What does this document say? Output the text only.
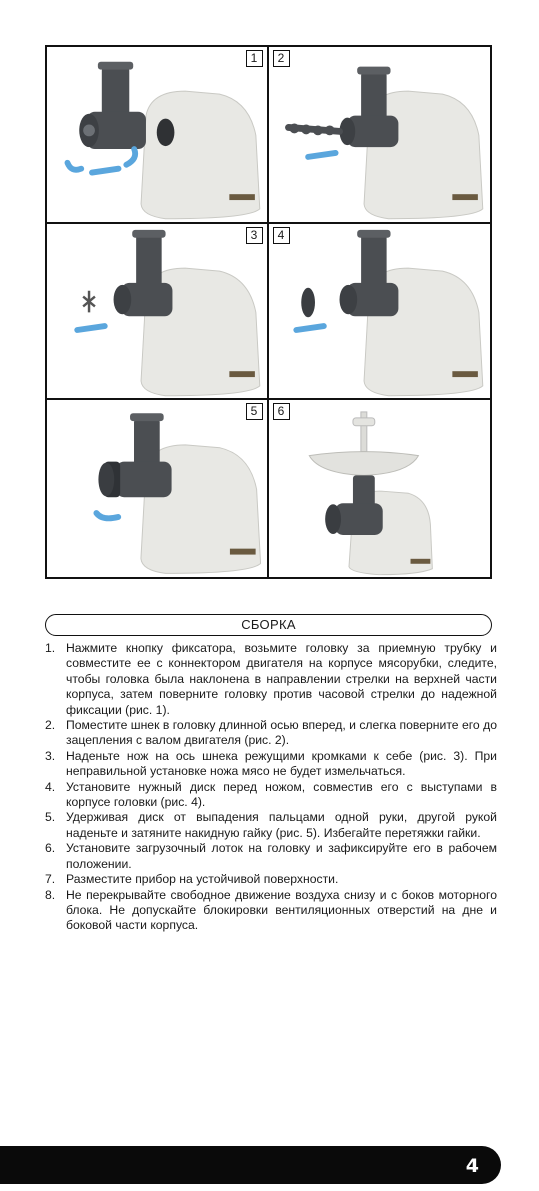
1	2
3	4
5	6
СБОРКА
1. Нажмите кнопку фиксатора, возьмите головку за приемную трубку и совместите ее с коннектором двигателя на корпусе мясорубки, следите, чтобы головка была наклонена в направлении стрелки на верхней части корпуса, затем поверните головку против часовой стрелки до надежной фиксации (рис. 1).
2. Поместите шнек в головку длинной осью вперед, и слегка поверните его до зацепления с валом двигателя (рис. 2).
3. Наденьте нож на ось шнека режущими кромками к себе (рис. 3). При неправильной установке ножа мясо не будет измельчаться.
4. Установите нужный диск перед ножом, совместив его с выступами в корпусе головки (рис. 4).
5. Удерживая диск от выпадения пальцами одной руки, другой рукой наденьте и затяните накидную гайку (рис. 5). Избегайте перетяжки гайки.
6. Установите загрузочный лоток на головку и зафиксируйте его в рабочем положении.
7. Разместите прибор на устойчивой поверхности.
8. Не перекрывайте свободное движение воздуха снизу и с боков моторного блока. Не допускайте блокировки вентиляционных отверстий на дне и боковой части корпуса.
4
